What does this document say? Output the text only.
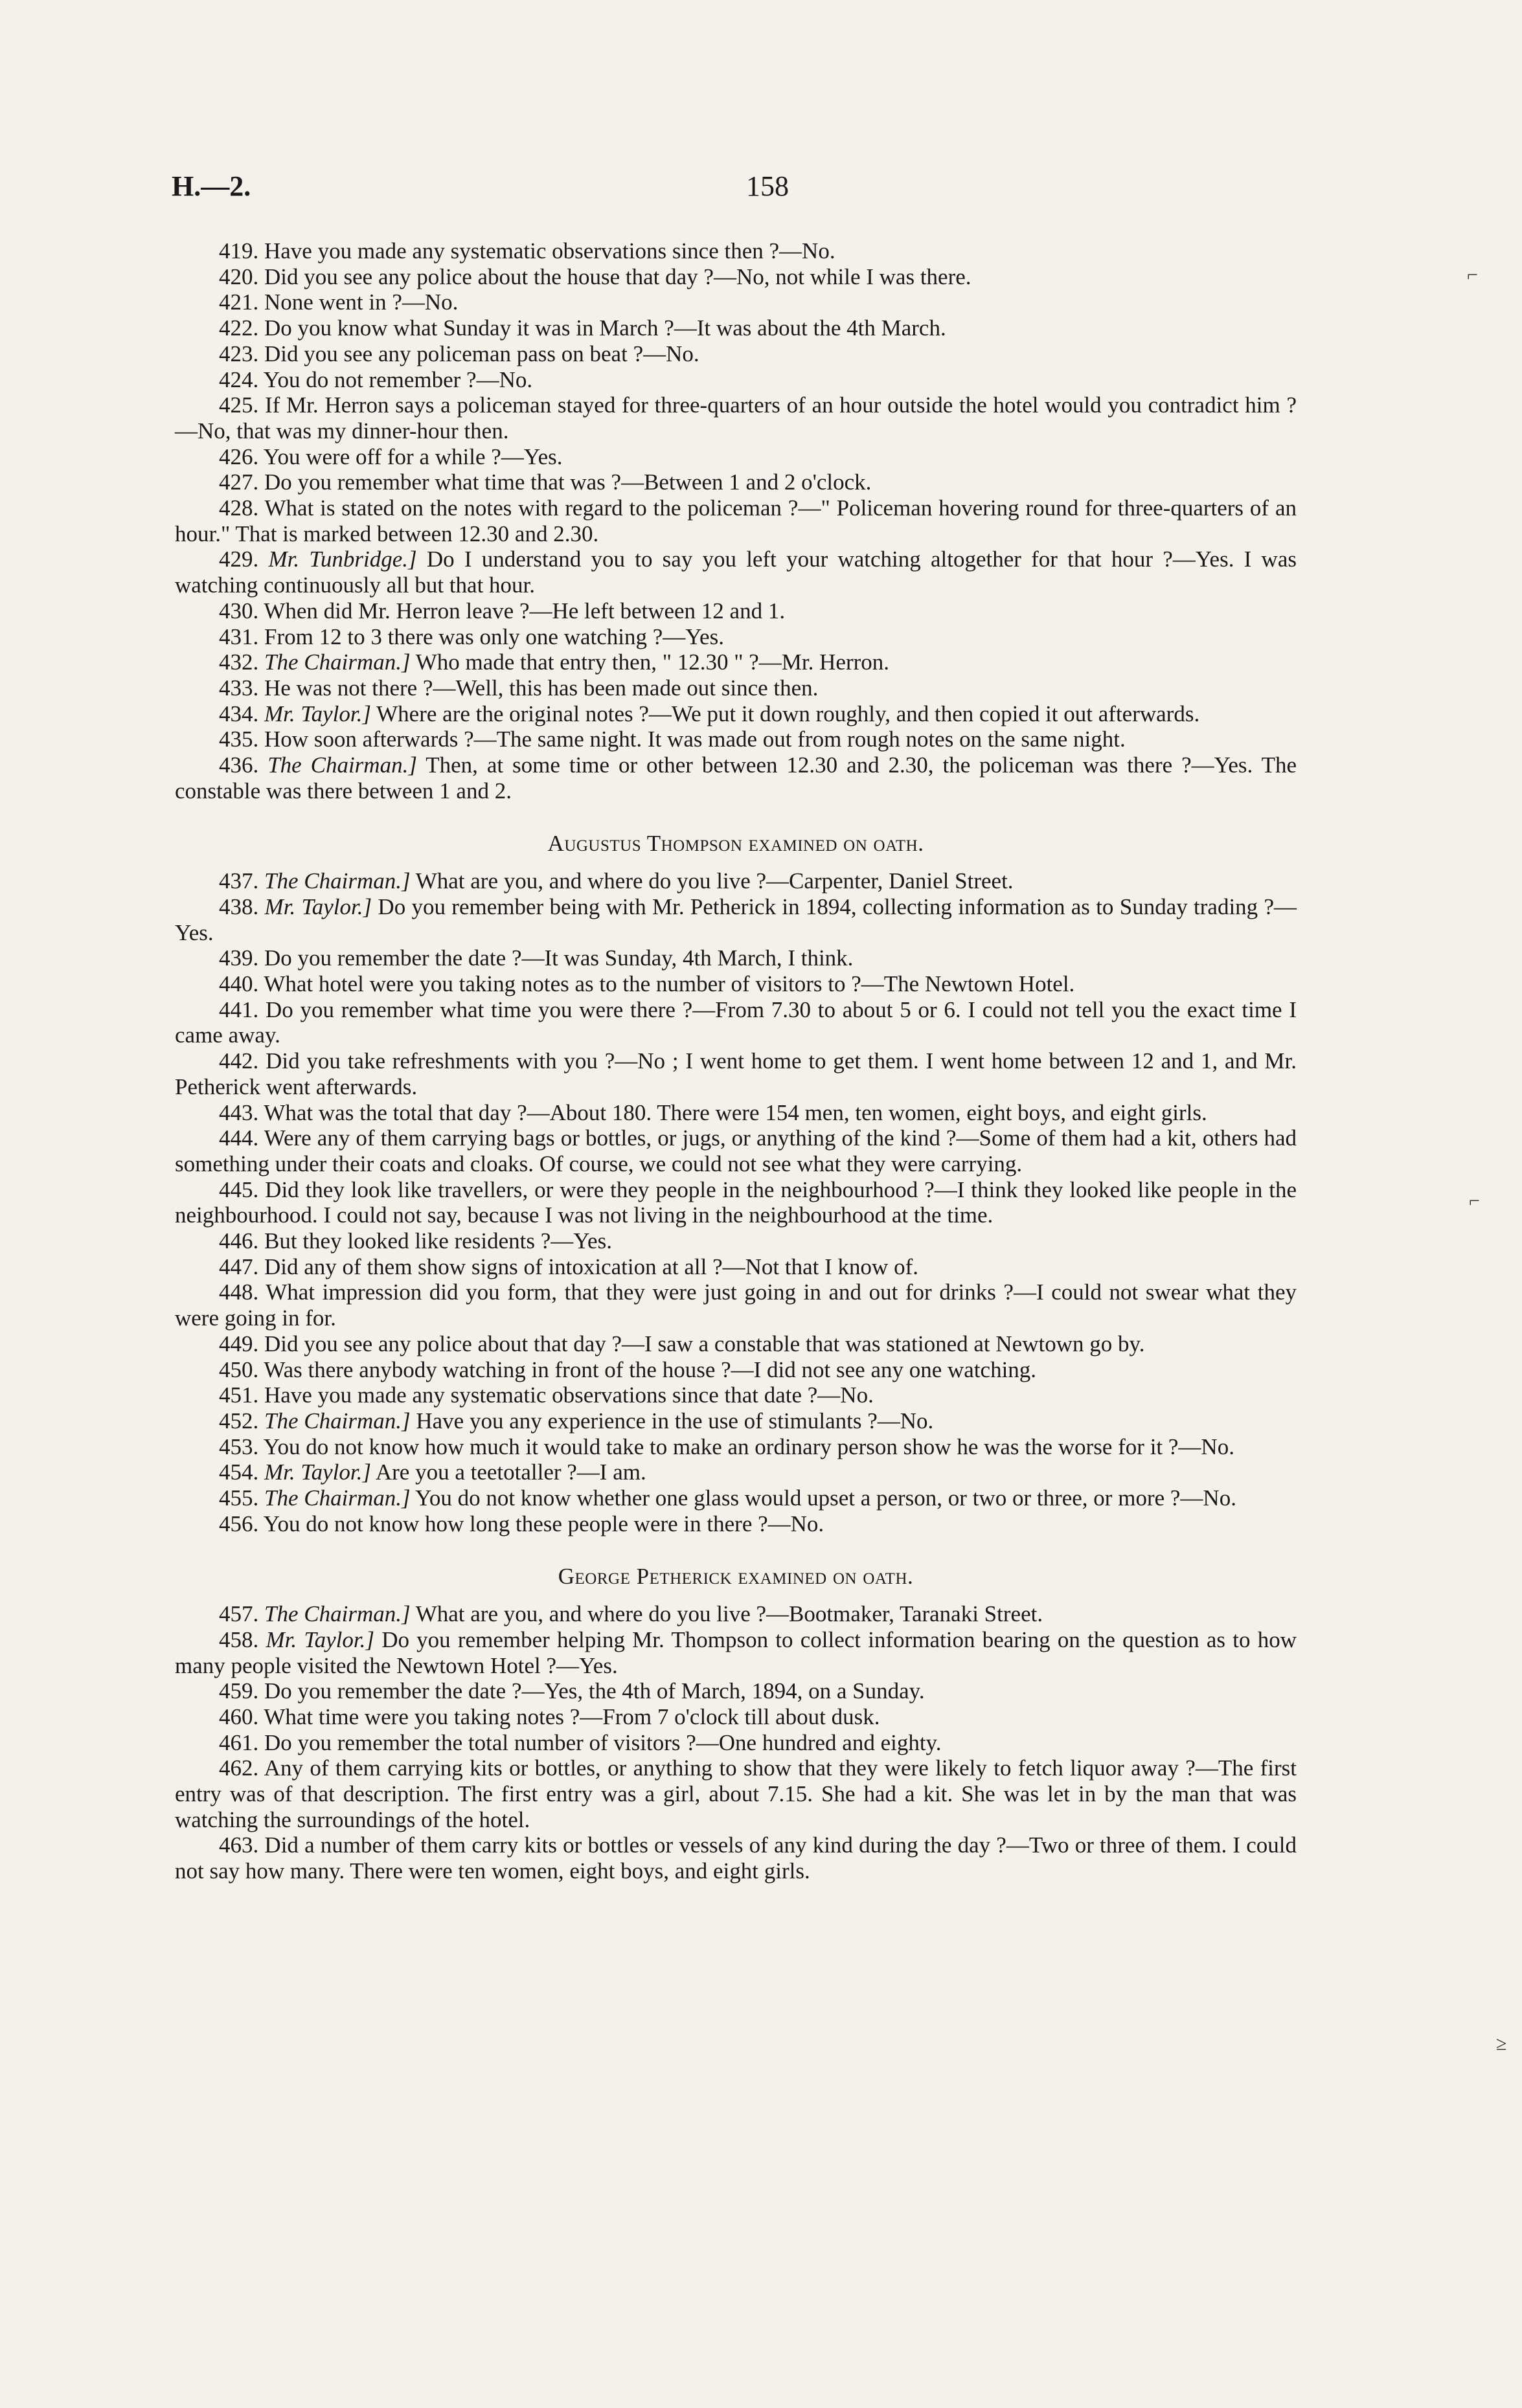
H.—2.	158
⌐
⌐
≥

419. Have you made any systematic observations since then ?—No.

420. Did you see any police about the house that day ?—No, not while I was there.

421. None went in ?—No.

422. Do you know what Sunday it was in March ?—It was about the 4th March.

423. Did you see any policeman pass on beat ?—No.

424. You do not remember ?—No.

425. If Mr. Herron says a policeman stayed for three-quarters of an hour outside the hotel would you contradict him ?—No, that was my dinner-hour then.

426. You were off for a while ?—Yes.

427. Do you remember what time that was ?—Between 1 and 2 o'clock.

428. What is stated on the notes with regard to the policeman ?—" Policeman hovering round for three-quarters of an hour." That is marked between 12.30 and 2.30.

429. Mr. Tunbridge.] Do I understand you to say you left your watching altogether for that hour ?—Yes. I was watching continuously all but that hour.

430. When did Mr. Herron leave ?—He left between 12 and 1.

431. From 12 to 3 there was only one watching ?—Yes.

432. The Chairman.] Who made that entry then, " 12.30 " ?—Mr. Herron.

433. He was not there ?—Well, this has been made out since then.

434. Mr. Taylor.] Where are the original notes ?—We put it down roughly, and then copied it out afterwards.

435. How soon afterwards ?—The same night. It was made out from rough notes on the same night.

436. The Chairman.] Then, at some time or other between 12.30 and 2.30, the policeman was there ?—Yes. The constable was there between 1 and 2.

Augustus Thompson examined on oath.

437. The Chairman.] What are you, and where do you live ?—Carpenter, Daniel Street.

438. Mr. Taylor.] Do you remember being with Mr. Petherick in 1894, collecting information as to Sunday trading ?—Yes.

439. Do you remember the date ?—It was Sunday, 4th March, I think.

440. What hotel were you taking notes as to the number of visitors to ?—The Newtown Hotel.

441. Do you remember what time you were there ?—From 7.30 to about 5 or 6. I could not tell you the exact time I came away.

442. Did you take refreshments with you ?—No ; I went home to get them. I went home between 12 and 1, and Mr. Petherick went afterwards.

443. What was the total that day ?—About 180. There were 154 men, ten women, eight boys, and eight girls.

444. Were any of them carrying bags or bottles, or jugs, or anything of the kind ?—Some of them had a kit, others had something under their coats and cloaks. Of course, we could not see what they were carrying.

445. Did they look like travellers, or were they people in the neighbourhood ?—I think they looked like people in the neighbourhood. I could not say, because I was not living in the neighbourhood at the time.

446. But they looked like residents ?—Yes.

447. Did any of them show signs of intoxication at all ?—Not that I know of.

448. What impression did you form, that they were just going in and out for drinks ?—I could not swear what they were going in for.

449. Did you see any police about that day ?—I saw a constable that was stationed at Newtown go by.

450. Was there anybody watching in front of the house ?—I did not see any one watching.

451. Have you made any systematic observations since that date ?—No.

452. The Chairman.] Have you any experience in the use of stimulants ?—No.

453. You do not know how much it would take to make an ordinary person show he was the worse for it ?—No.

454. Mr. Taylor.] Are you a teetotaller ?—I am.

455. The Chairman.] You do not know whether one glass would upset a person, or two or three, or more ?—No.

456. You do not know how long these people were in there ?—No.

George Petherick examined on oath.

457. The Chairman.] What are you, and where do you live ?—Bootmaker, Taranaki Street.

458. Mr. Taylor.] Do you remember helping Mr. Thompson to collect information bearing on the question as to how many people visited the Newtown Hotel ?—Yes.

459. Do you remember the date ?—Yes, the 4th of March, 1894, on a Sunday.

460. What time were you taking notes ?—From 7 o'clock till about dusk.

461. Do you remember the total number of visitors ?—One hundred and eighty.

462. Any of them carrying kits or bottles, or anything to show that they were likely to fetch liquor away ?—The first entry was of that description. The first entry was a girl, about 7.15. She had a kit. She was let in by the man that was watching the surroundings of the hotel.

463. Did a number of them carry kits or bottles or vessels of any kind during the day ?—Two or three of them. I could not say how many. There were ten women, eight boys, and eight girls.
